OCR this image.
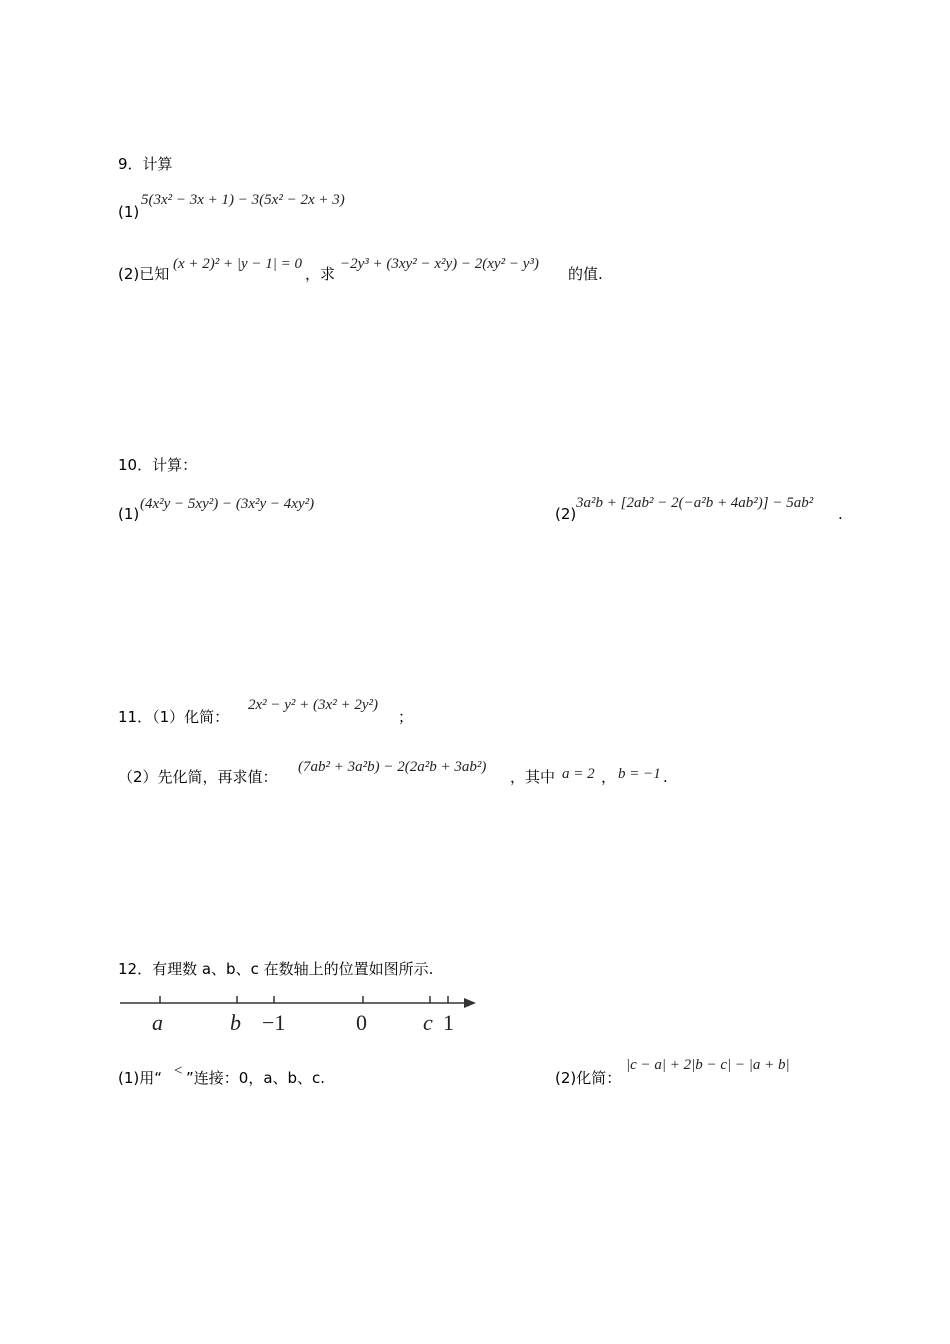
9．计算
(1)
5(3x² − 3x + 1) − 3(5x² − 2x + 3)
(2)已知
(x + 2)² + |y − 1| = 0
，求
−2y³ + (3xy² − x²y) − 2(xy² − y³)
的值.
10．计算：
(1)
(4x²y − 5xy²) − (3x²y − 4xy²)
(2)
3a²b + [2ab² − 2(−a²b + 4ab²)] − 5ab²
.
11．（1）化简：
2x² − y² + (3x² + 2y²)
；
（2）先化简，再求值：
(7ab² + 3a²b) − 2(2a²b + 3ab²)
，其中 a = 2 ， b = −1 .
12．有理数 a、b、c 在数轴上的位置如图所示.
a	b −1	0	c 1
(1)用“ < ”连接：0，a、b、c.	(2)化简：
|c − a| + 2|b − c| − |a + b|
